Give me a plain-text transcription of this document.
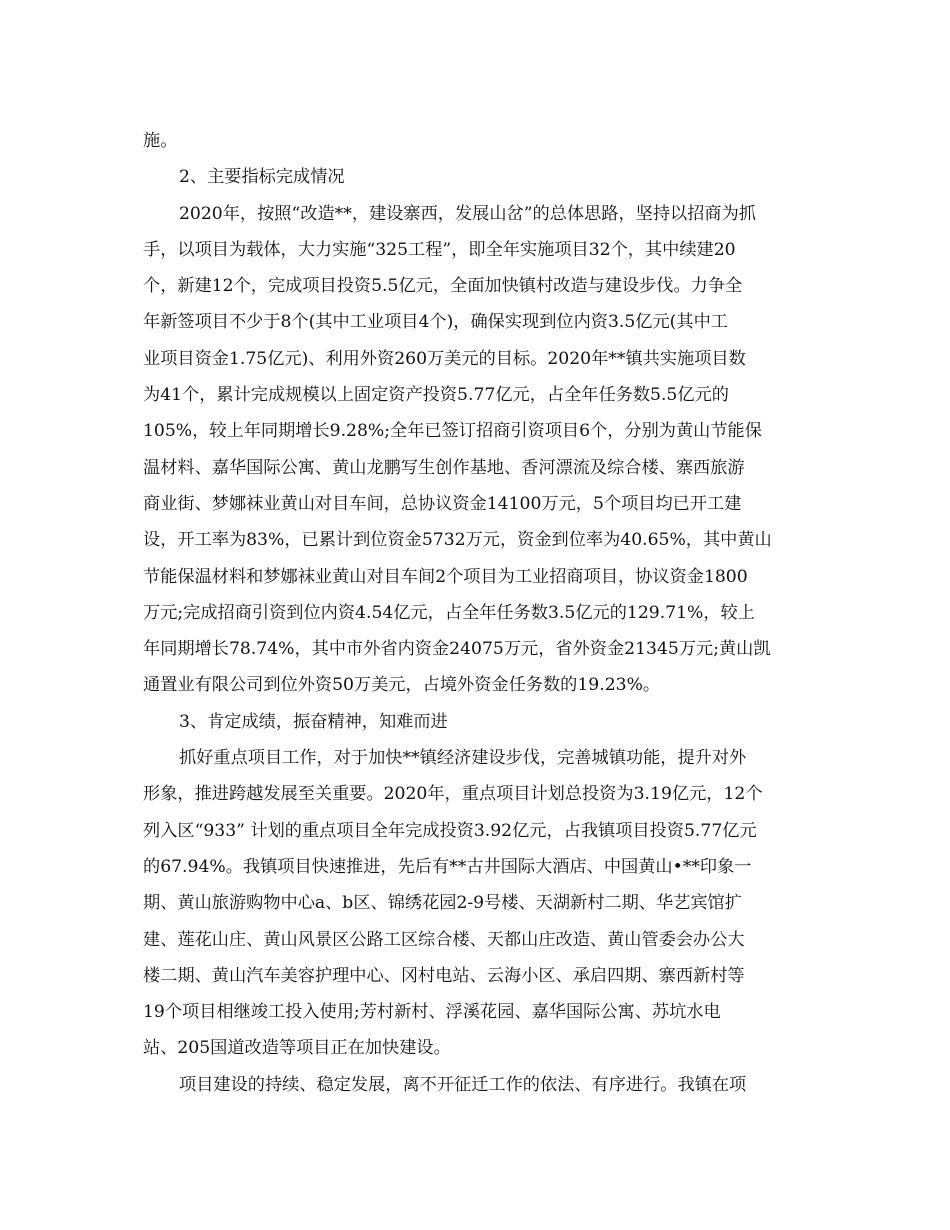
施。
2、主要指标完成情况
2020年，按照“改造**，建设寨西，发展山岔”的总体思路，坚持以招商为抓
手，以项目为载体，大力实施“325工程”，即全年实施项目32个，其中续建20
个，新建12个，完成项目投资5.5亿元，全面加快镇村改造与建设步伐。力争全
年新签项目不少于8个(其中工业项目4个)，确保实现到位内资3.5亿元(其中工
业项目资金1.75亿元)、利用外资260万美元的目标。2020年**镇共实施项目数
为41个，累计完成规模以上固定资产投资5.77亿元，占全年任务数5.5亿元的
105%，较上年同期增长9.28%;全年已签订招商引资项目6个，分别为黄山节能保
温材料、嘉华国际公寓、黄山龙鹏写生创作基地、香河漂流及综合楼、寨西旅游
商业街、梦娜袜业黄山对目车间，总协议资金14100万元，5个项目均已开工建
设，开工率为83%，已累计到位资金5732万元，资金到位率为40.65%，其中黄山
节能保温材料和梦娜袜业黄山对目车间2个项目为工业招商项目，协议资金1800
万元;完成招商引资到位内资4.54亿元，占全年任务数3.5亿元的129.71%，较上
年同期增长78.74%，其中市外省内资金24075万元，省外资金21345万元;黄山凯
通置业有限公司到位外资50万美元，占境外资金任务数的19.23%。
3、肯定成绩，振奋精神，知难而进
抓好重点项目工作，对于加快**镇经济建设步伐，完善城镇功能，提升对外
形象，推进跨越发展至关重要。2020年，重点项目计划总投资为3.19亿元，12个
列入区“933” 计划的重点项目全年完成投资3.92亿元，占我镇项目投资5.77亿元
的67.94%。我镇项目快速推进，先后有**古井国际大酒店、中国黄山•**印象一
期、黄山旅游购物中心a、b区、锦绣花园2-9号楼、天湖新村二期、华艺宾馆扩
建、莲花山庄、黄山风景区公路工区综合楼、天都山庄改造、黄山管委会办公大
楼二期、黄山汽车美容护理中心、冈村电站、云海小区、承启四期、寨西新村等
19个项目相继竣工投入使用;芳村新村、浮溪花园、嘉华国际公寓、苏坑水电
站、205国道改造等项目正在加快建设。
项目建设的持续、稳定发展，离不开征迁工作的依法、有序进行。我镇在项
